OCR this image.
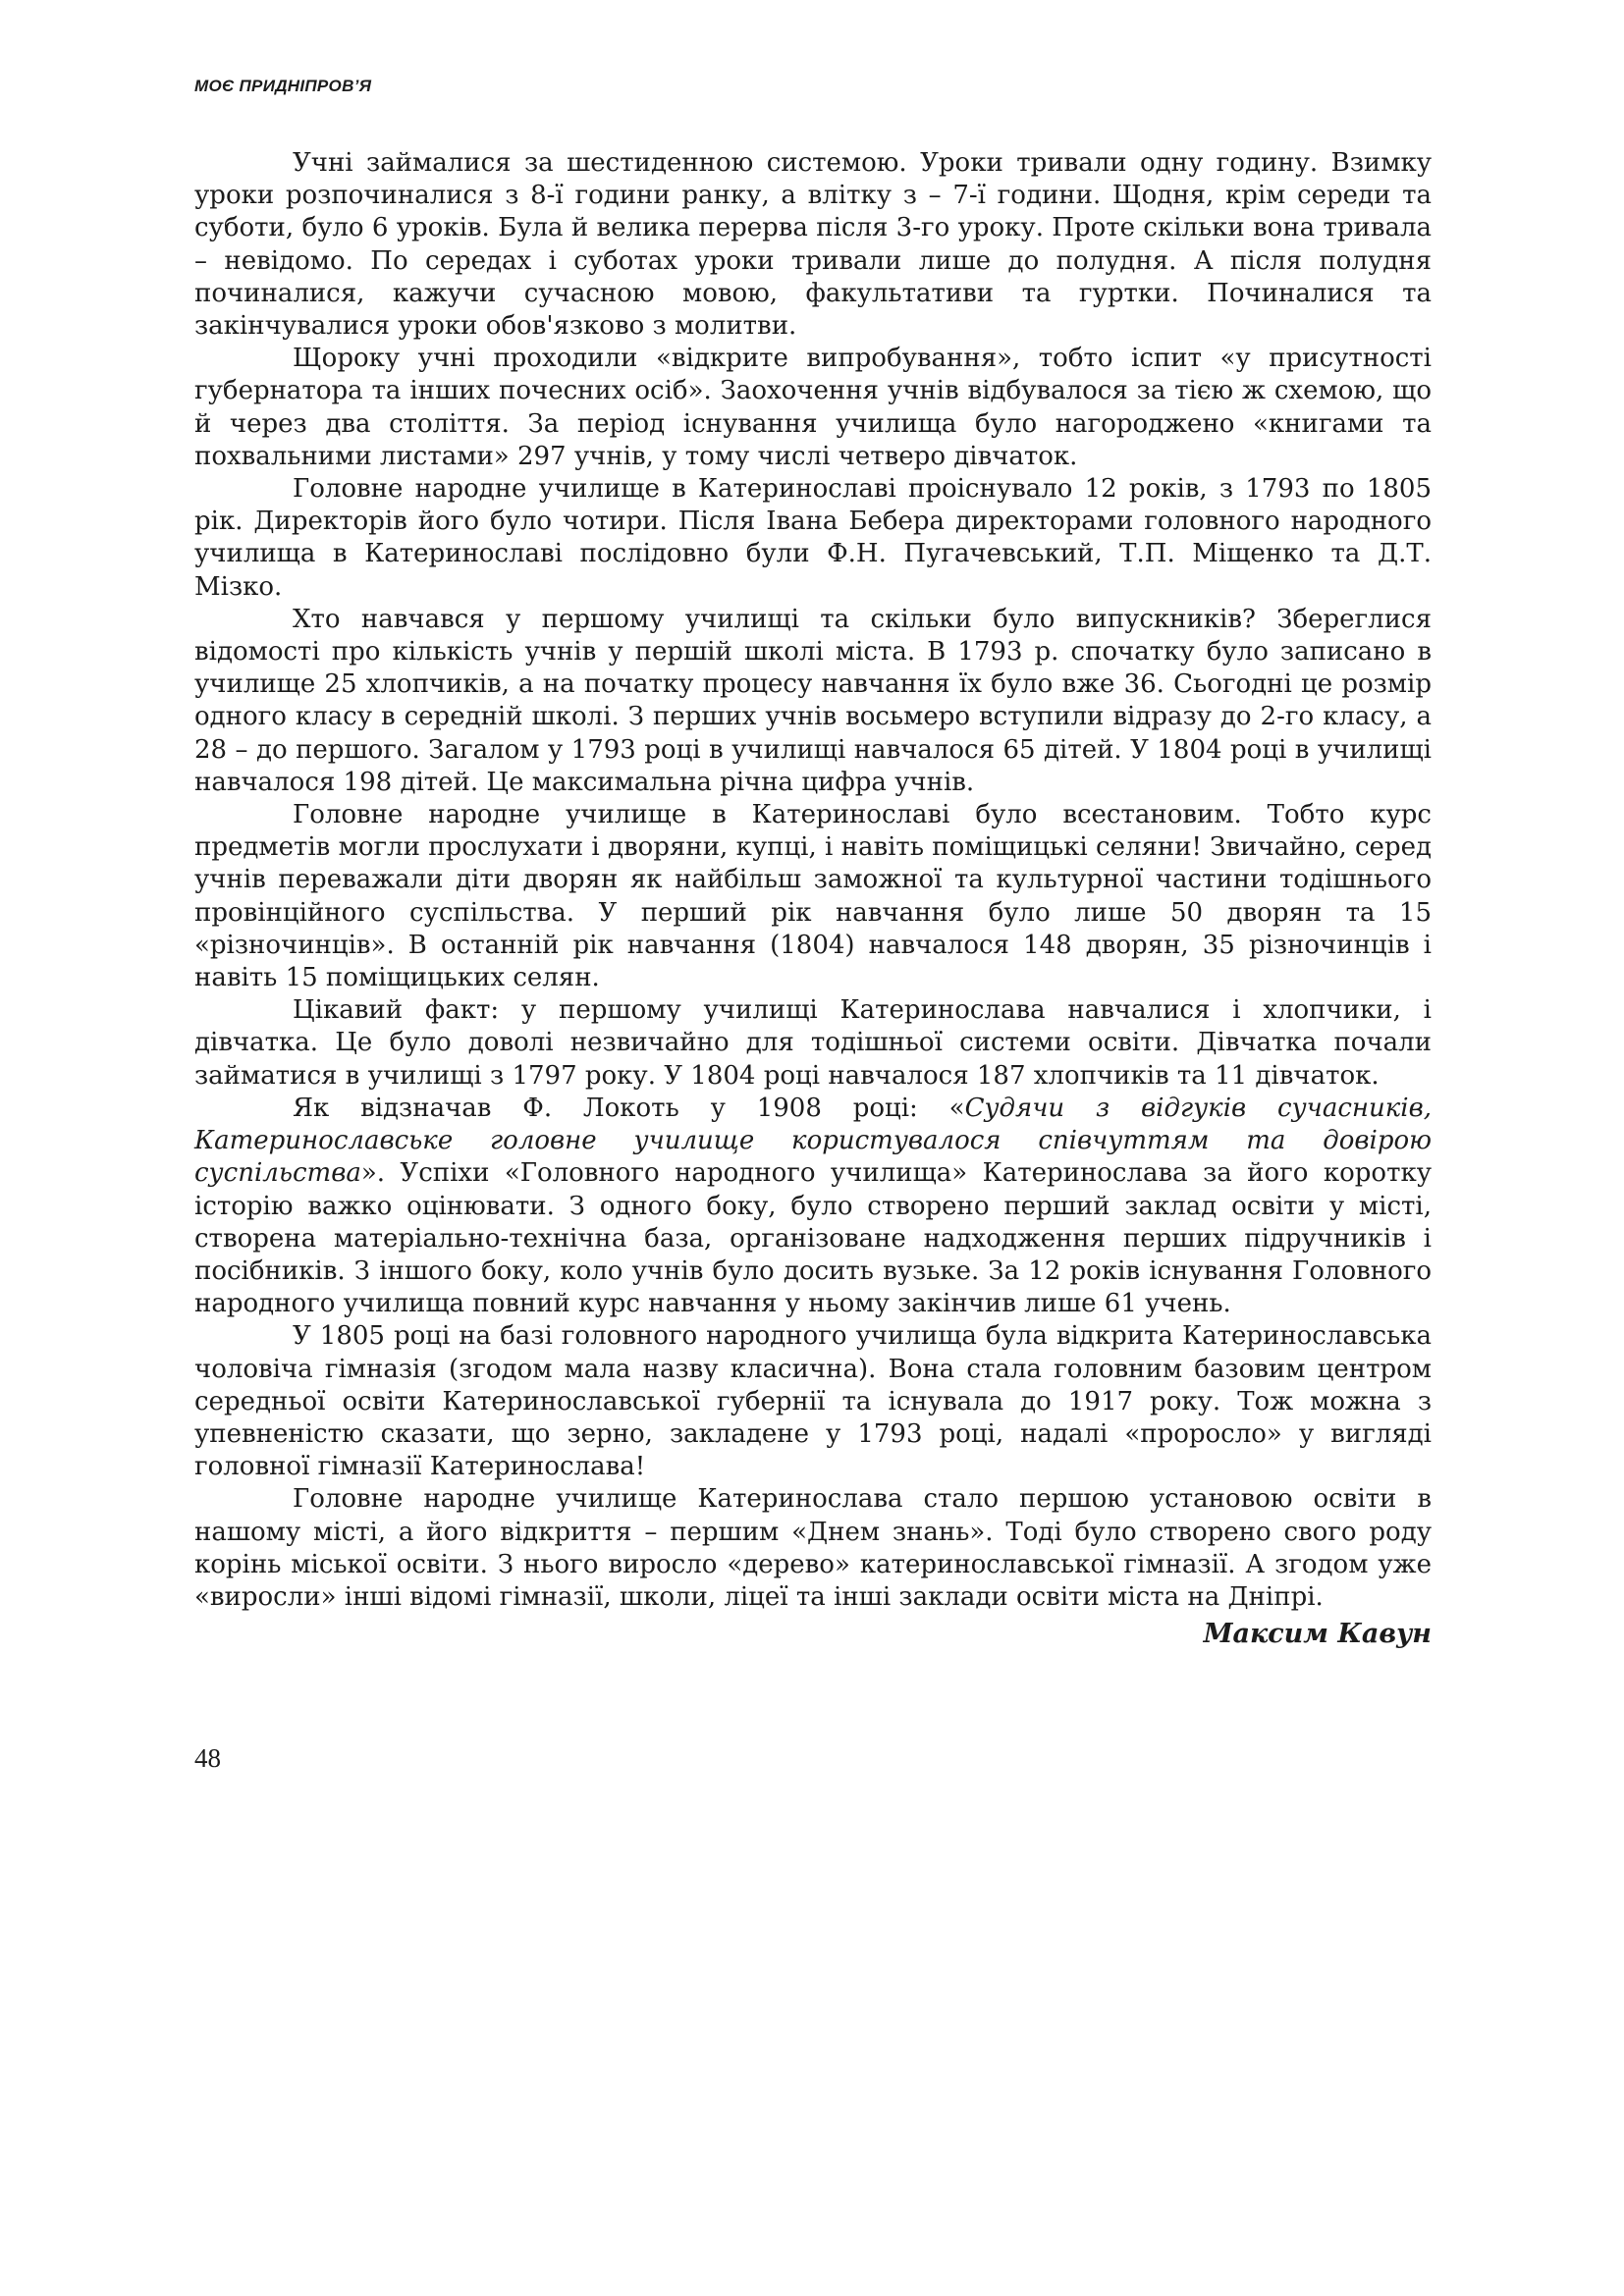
МОЄ ПРИДНІПРОВ’Я

Учні займалися за шестиденною системою. Уроки тривали одну годину. Взимку уроки розпочиналися з 8-ї години ранку, а влітку з – 7-ї години. Щодня, крім середи та суботи, було 6 уроків. Була й велика перерва після 3-го уроку. Проте скільки вона тривала – невідомо. По середах і суботах уроки тривали лише до полудня. А після полудня починалися, кажучи сучасною мовою, факультативи та гуртки. Починалися та закінчувалися уроки обов'язково з молитви.

Щороку учні проходили «відкрите випробування», тобто іспит «у присутності губернатора та інших почесних осіб». Заохочення учнів відбувалося за тією ж схемою, що й через два століття. За період існування училища було нагороджено «книгами та похвальними листами» 297 учнів, у тому числі четверо дівчаток.

Головне народне училище в Катеринославі проіснувало 12 років, з 1793 по 1805 рік. Директорів його було чотири. Після Івана Бебера директорами головного народного училища в Катеринославі послідовно були Ф.Н. Пугачевський, Т.П. Міщенко та Д.Т. Мізко.

Хто навчався у першому училищі та скільки було випускників? Збереглися відомості про кількість учнів у першій школі міста. В 1793 р. спочатку було записано в училище 25 хлопчиків, а на початку процесу навчання їх було вже 36. Сьогодні це розмір одного класу в середній школі. З перших учнів восьмеро вступили відразу до 2-го класу, а 28 – до першого. Загалом у 1793 році в училищі навчалося 65 дітей. У 1804 році в училищі навчалося 198 дітей. Це максимальна річна цифра учнів.

Головне народне училище в Катеринославі було всестановим. Тобто курс предметів могли прослухати і дворяни, купці, і навіть поміщицькі селяни! Звичайно, серед учнів переважали діти дворян як найбільш заможної та культурної частини тодішнього провінційного суспільства. У перший рік навчання було лише 50 дворян та 15 «різночинців». В останній рік навчання (1804) навчалося 148 дворян, 35 різночинців і навіть 15 поміщицьких селян.

Цікавий факт: у першому училищі Катеринослава навчалися і хлопчики, і дівчатка. Це було доволі незвичайно для тодішньої системи освіти. Дівчатка почали займатися в училищі з 1797 року. У 1804 році навчалося 187 хлопчиків та 11 дівчаток.

Як відзначав Ф. Локоть у 1908 році: «Судячи з відгуків сучасників, Катеринославське головне училище користувалося співчуттям та довірою суспільства». Успіхи «Головного народного училища» Катеринослава за його коротку історію важко оцінювати. З одного боку, було створено перший заклад освіти у місті, створена матеріально-технічна база, організоване надходження перших підручників і посібників. З іншого боку, коло учнів було досить вузьке. За 12 років існування Головного народного училища повний курс навчання у ньому закінчив лише 61 учень.

У 1805 році на базі головного народного училища була відкрита Катеринославська чоловіча гімназія (згодом мала назву класична). Вона стала головним базовим центром середньої освіти Катеринославської губернії та існувала до 1917 року. Тож можна з упевненістю сказати, що зерно, закладене у 1793 році, надалі «проросло» у вигляді головної гімназії Катеринослава!

Головне народне училище Катеринослава стало першою установою освіти в нашому місті, а його відкриття – першим «Днем знань». Тоді було створено свого роду корінь міської освіти. З нього виросло «дерево» катеринославської гімназії. А згодом уже «виросли» інші відомі гімназії, школи, ліцеї та інші заклади освіти міста на Дніпрі.

Максим Кавун
48
